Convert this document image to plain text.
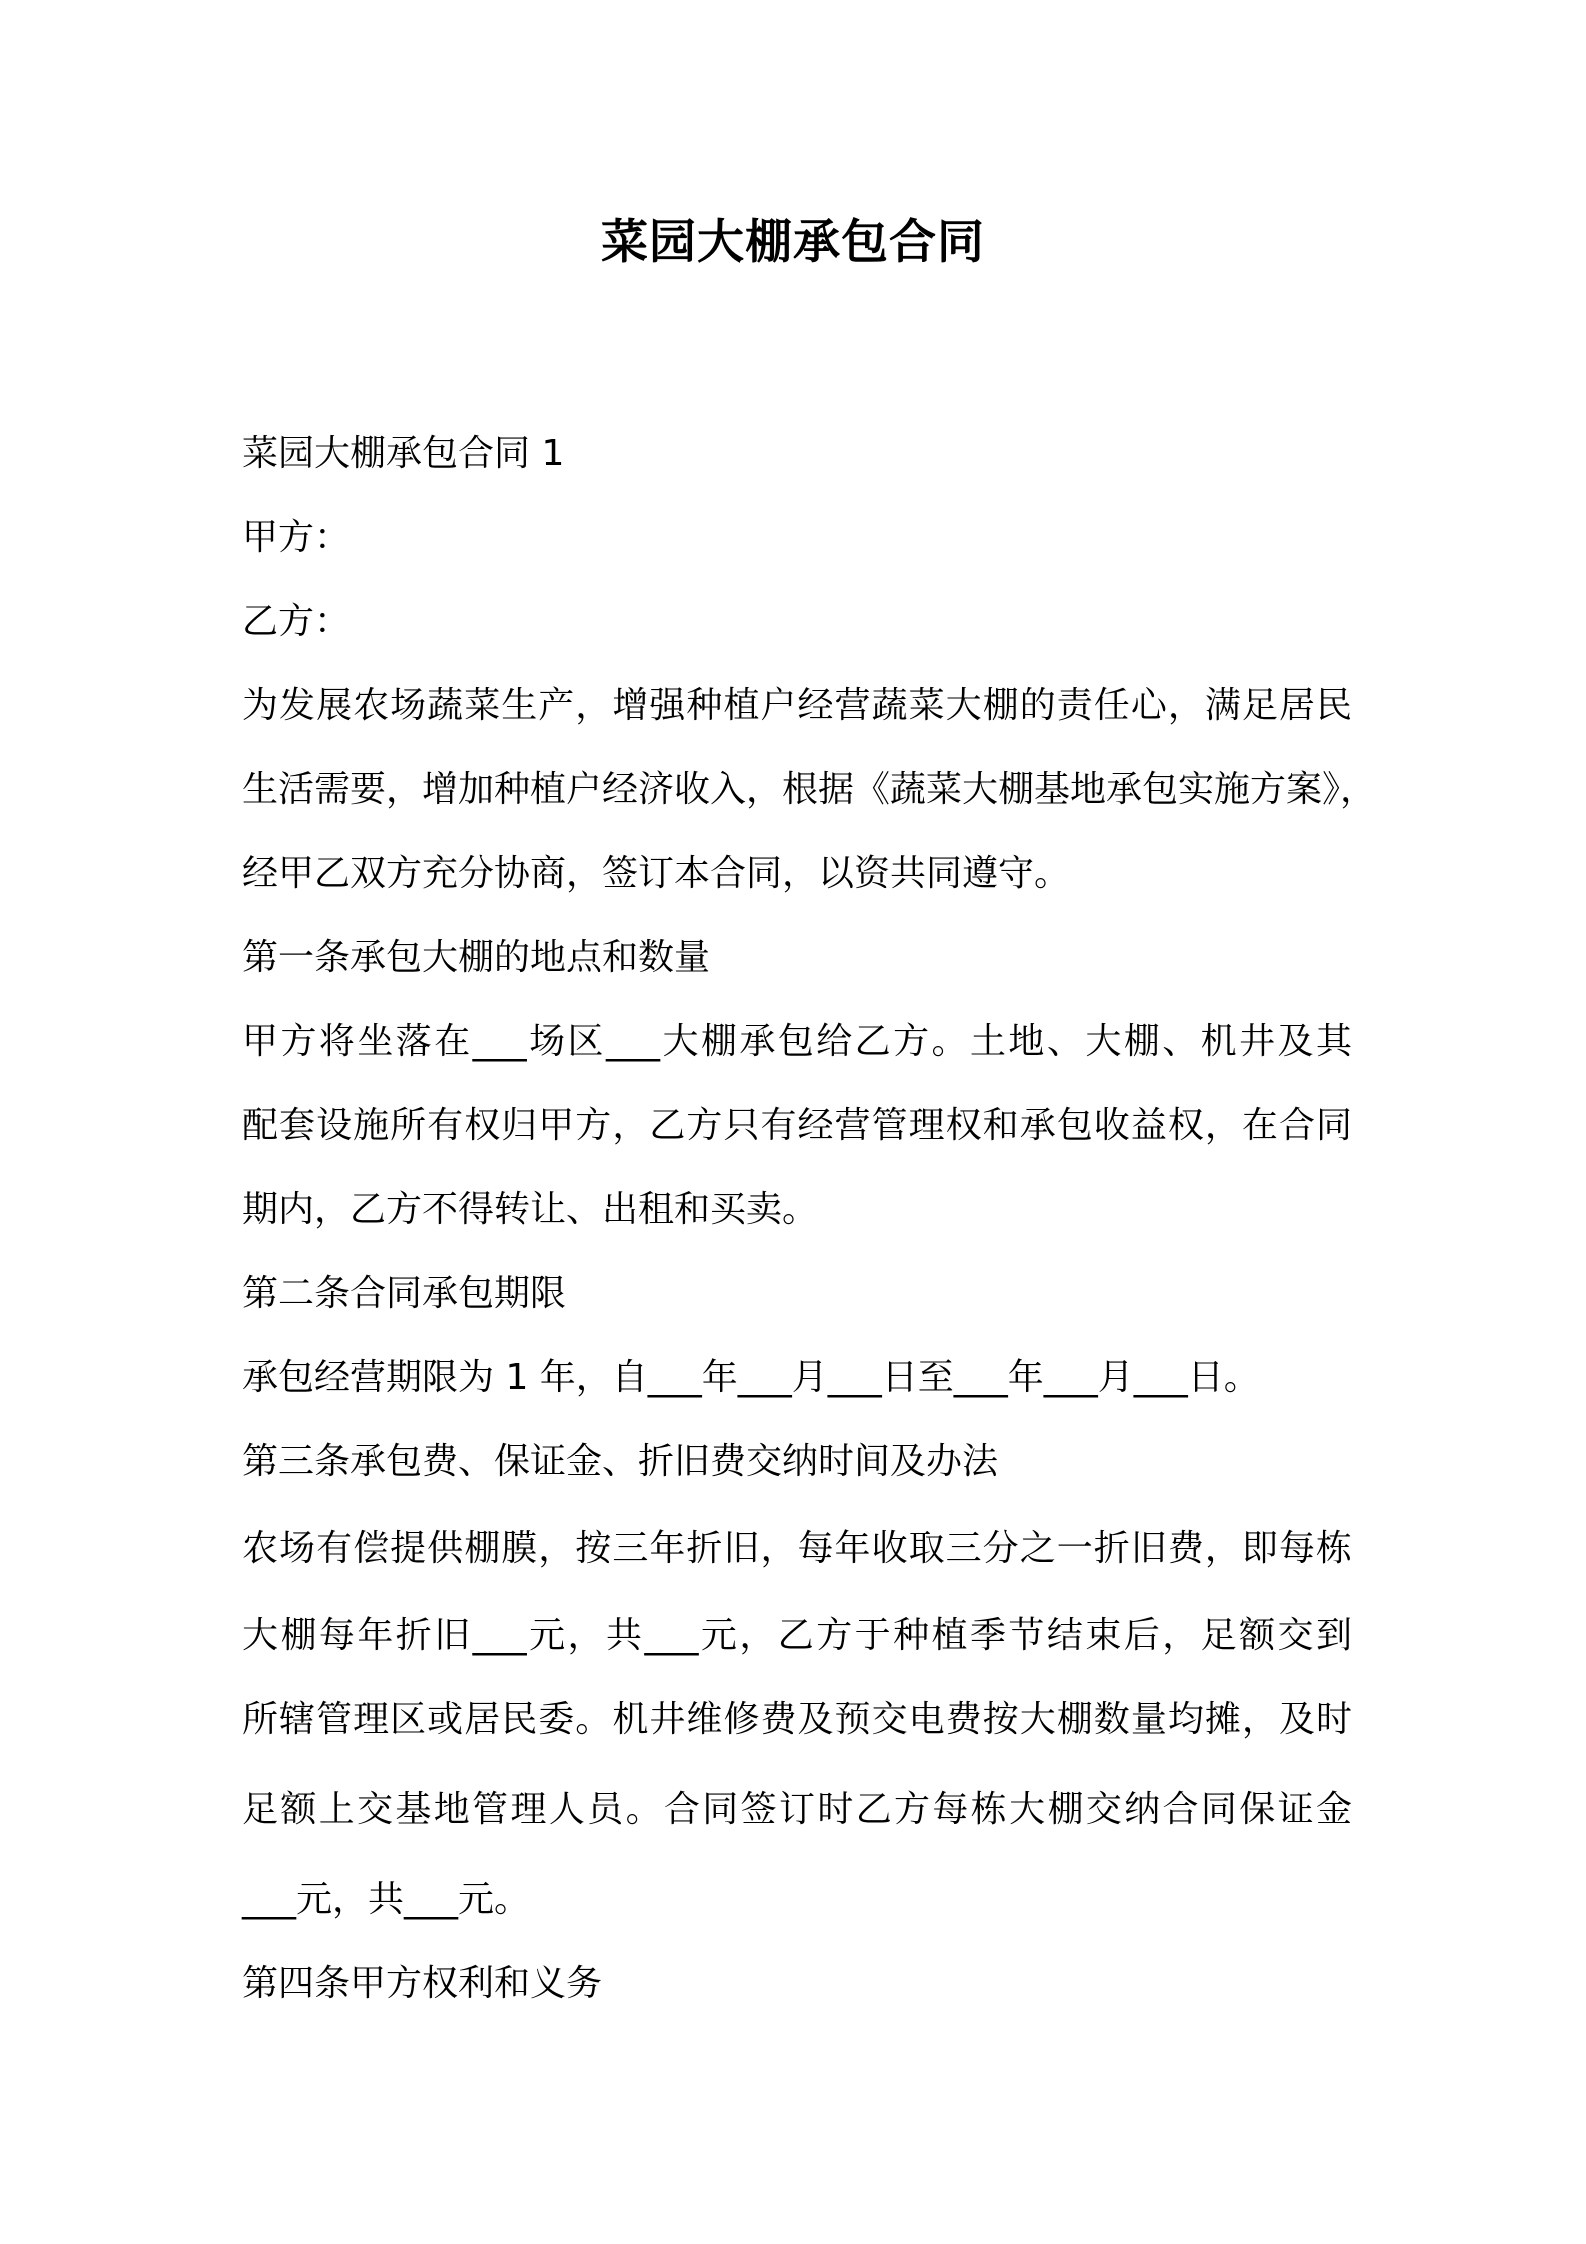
菜园大棚承包合同

菜园大棚承包合同 1

甲方：

乙方：

为发展农场蔬菜生产，增强种植户经营蔬菜大棚的责任心，满足居民

生活需要，增加种植户经济收入，根据《蔬菜大棚基地承包实施方案》，

经甲乙双方充分协商，签订本合同，以资共同遵守。

第一条承包大棚的地点和数量

甲方将坐落在___场区___大棚承包给乙方。土地、大棚、机井及其

配套设施所有权归甲方，乙方只有经营管理权和承包收益权，在合同

期内，乙方不得转让、出租和买卖。

第二条合同承包期限

承包经营期限为 1 年，自___年___月___日至___年___月___日。

第三条承包费、保证金、折旧费交纳时间及办法

农场有偿提供棚膜，按三年折旧，每年收取三分之一折旧费，即每栋

大棚每年折旧___元，共___元，乙方于种植季节结束后，足额交到

所辖管理区或居民委。机井维修费及预交电费按大棚数量均摊，及时

足额上交基地管理人员。合同签订时乙方每栋大棚交纳合同保证金

___元，共___元。

第四条甲方权利和义务
